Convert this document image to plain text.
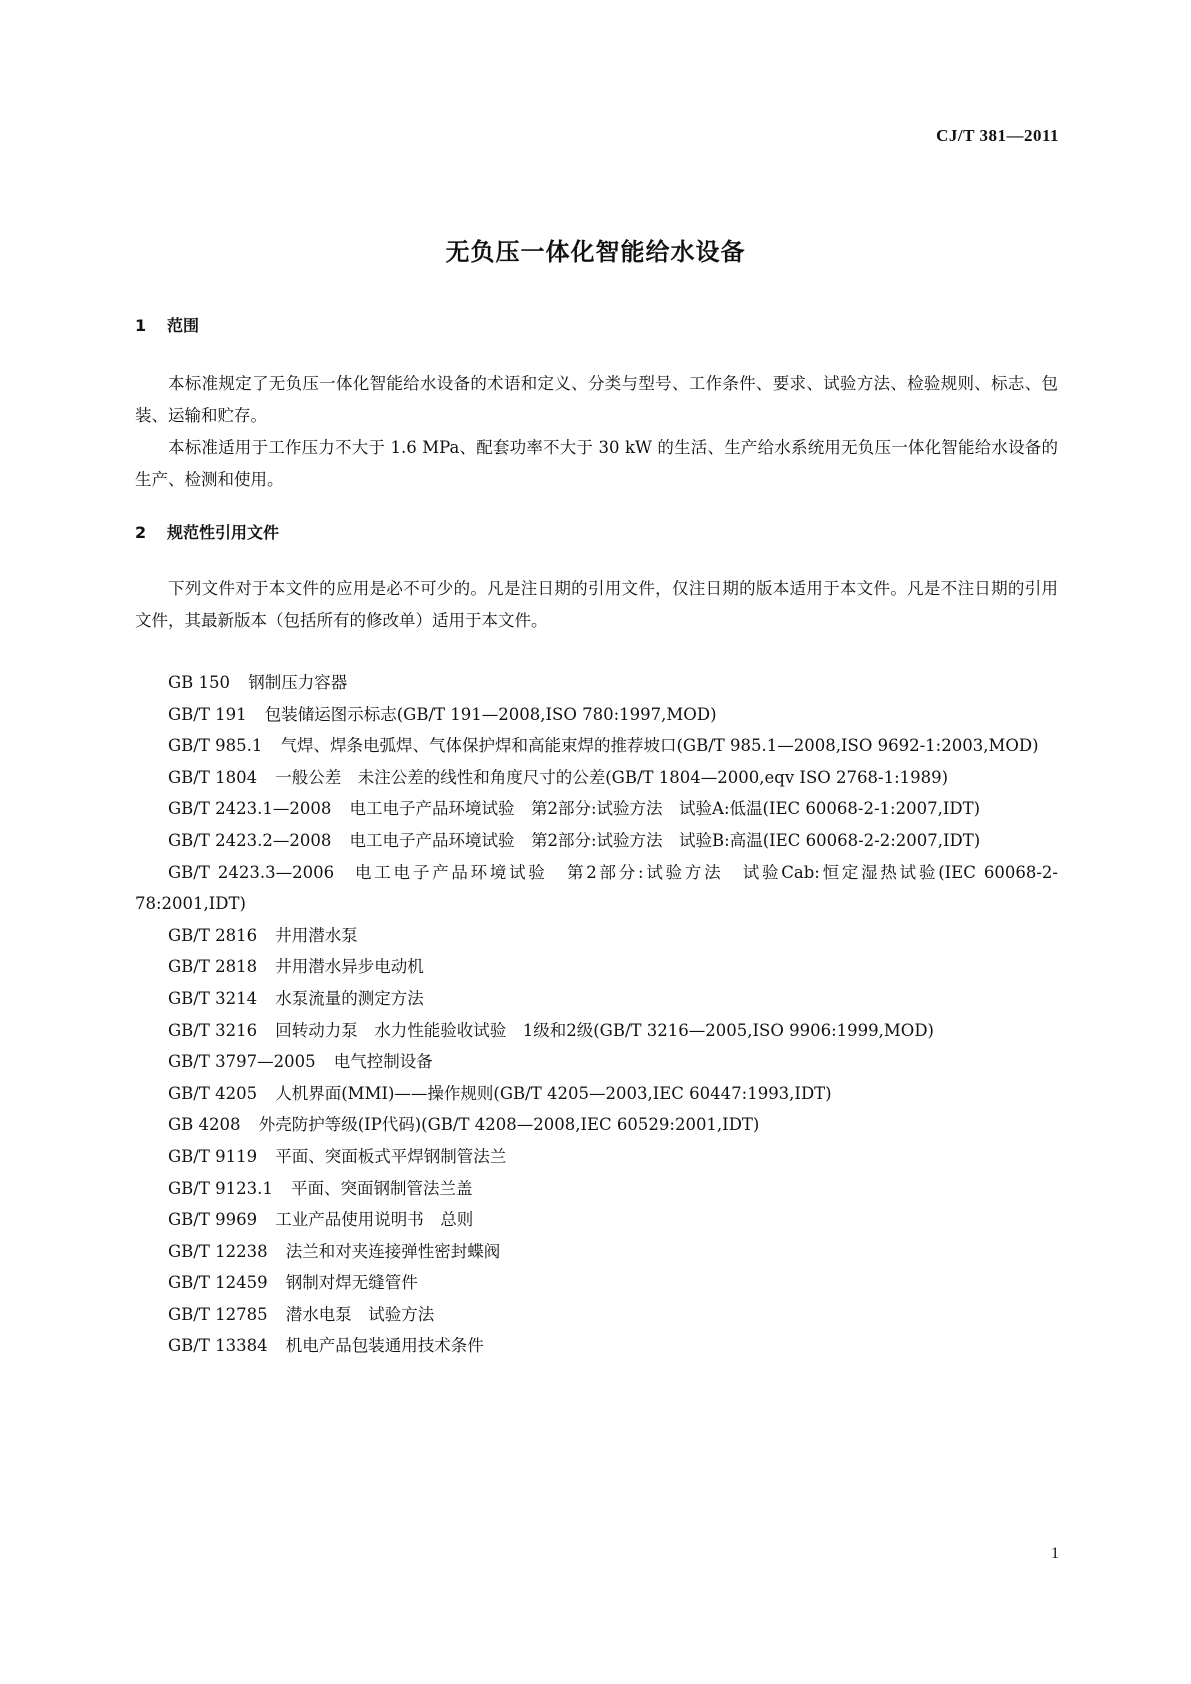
CJ/T 381—2011
无负压一体化智能给水设备
1 范围

本标准规定了无负压一体化智能给水设备的术语和定义、分类与型号、工作条件、要求、试验方法、检验规则、标志、包装、运输和贮存。

本标准适用于工作压力不大于 1.6 MPa、配套功率不大于 30 kW 的生活、生产给水系统用无负压一体化智能给水设备的生产、检测和使用。

2 规范性引用文件

下列文件对于本文件的应用是必不可少的。凡是注日期的引用文件，仅注日期的版本适用于本文件。凡是不注日期的引用文件，其最新版本（包括所有的修改单）适用于本文件。

GB 150 钢制压力容器
GB/T 191 包装储运图示标志(GB/T 191—2008,ISO 780:1997,MOD)
GB/T 985.1 气焊、焊条电弧焊、气体保护焊和高能束焊的推荐坡口(GB/T 985.1—2008,ISO 9692-1:2003,MOD)
GB/T 1804 一般公差　未注公差的线性和角度尺寸的公差(GB/T 1804—2000,eqv ISO 2768-1:1989)
GB/T 2423.1—2008 电工电子产品环境试验　第2部分:试验方法　试验A:低温(IEC 60068-2-1:2007,IDT)
GB/T 2423.2—2008 电工电子产品环境试验　第2部分:试验方法　试验B:高温(IEC 60068-2-2:2007,IDT)
GB/T 2423.3—2006 电工电子产品环境试验　第2部分:试验方法　试验Cab:恒定湿热试验(IEC 60068-2-78:2001,IDT)
GB/T 2816 井用潜水泵
GB/T 2818 井用潜水异步电动机
GB/T 3214 水泵流量的测定方法
GB/T 3216 回转动力泵　水力性能验收试验　1级和2级(GB/T 3216—2005,ISO 9906:1999,MOD)
GB/T 3797—2005 电气控制设备
GB/T 4205 人机界面(MMI)——操作规则(GB/T 4205—2003,IEC 60447:1993,IDT)
GB 4208 外壳防护等级(IP代码)(GB/T 4208—2008,IEC 60529:2001,IDT)
GB/T 9119 平面、突面板式平焊钢制管法兰
GB/T 9123.1 平面、突面钢制管法兰盖
GB/T 9969 工业产品使用说明书　总则
GB/T 12238 法兰和对夹连接弹性密封蝶阀
GB/T 12459 钢制对焊无缝管件
GB/T 12785 潜水电泵　试验方法
GB/T 13384 机电产品包装通用技术条件
1
